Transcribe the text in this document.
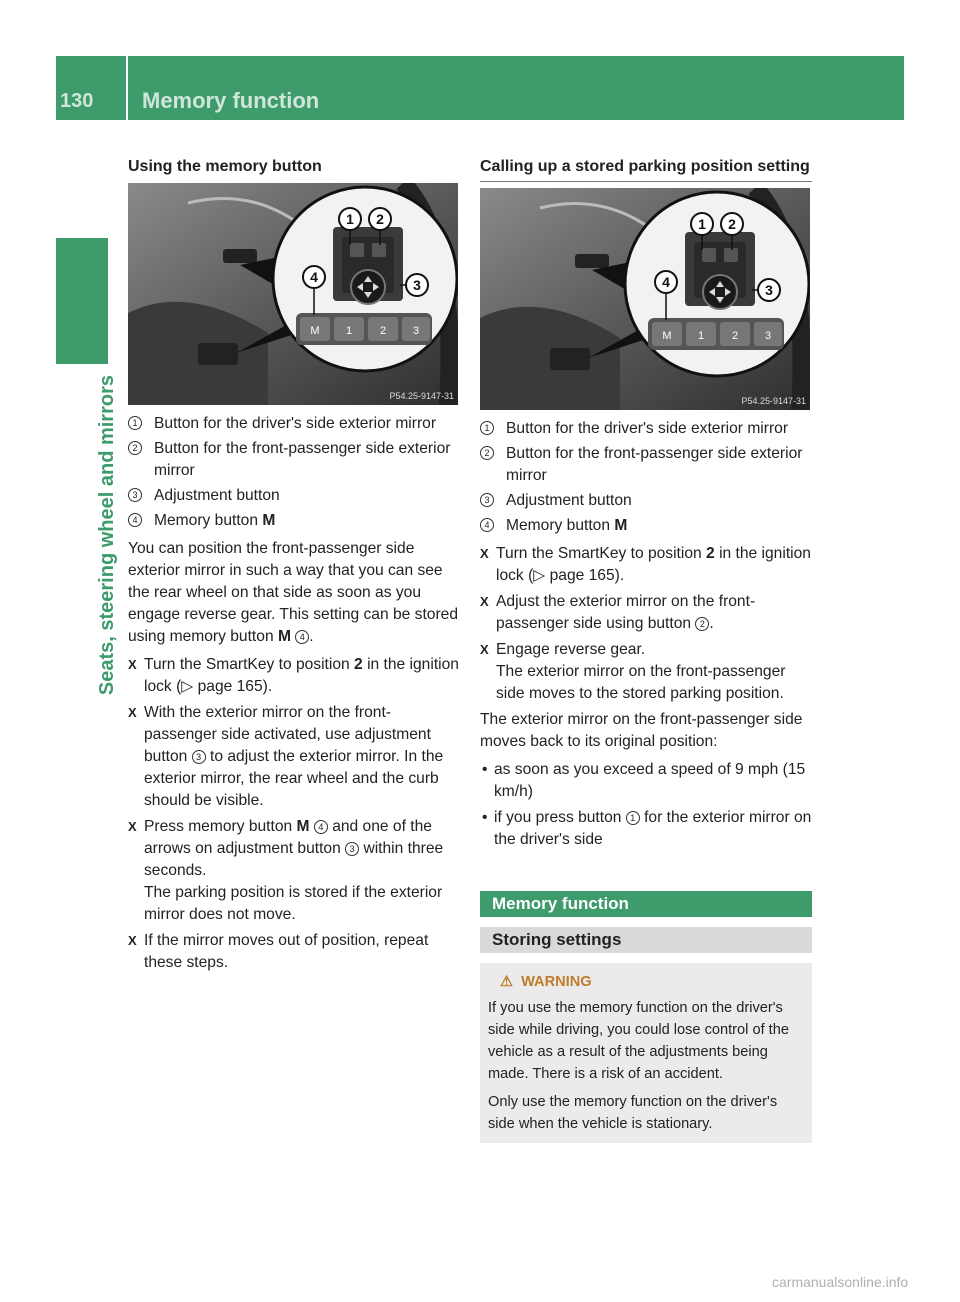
130 Memory function
Seats, steering wheel and mirrors

Using the memory button

M 1	2 3
1 2
3
4
P54.25-9147-31
1 Button for the driver's side exterior mirror
2 Button for the front-passenger side exterior mirror
3 Adjustment button
4 Memory button M

You can position the front-passenger side exterior mirror in such a way that you can see the rear wheel on that side as soon as you engage reverse gear. This setting can be stored using memory button M 4 .

X Turn the SmartKey to position 2 in the ignition lock (▷ page 165).
X With the exterior mirror on the front-passenger side activated, use adjustment button 3 to adjust the exterior mirror. In the exterior mirror, the rear wheel and the curb should be visible.
X Press memory button M 4 and one of the arrows on adjustment button 3 within three seconds.
The parking position is stored if the exterior mirror does not move.
X If the mirror moves out of position, repeat these steps.

Calling up a stored parking position setting

M 1	2 3
1 2
3
4
P54.25-9147-31
1 Button for the driver's side exterior mirror
2 Button for the front-passenger side exterior mirror
3 Adjustment button
4 Memory button M
X Turn the SmartKey to position 2 in the ignition lock (▷ page 165).
X Adjust the exterior mirror on the front-passenger side using button 2 .
X Engage reverse gear.
The exterior mirror on the front-passenger side moves to the stored parking position.

The exterior mirror on the front-passenger side moves back to its original position:

• as soon as you exceed a speed of 9 mph (15 km/h)
• if you press button 1 for the exterior mirror on the driver's side
Memory function
Storing settings
⚠ WARNING

If you use the memory function on the driver's side while driving, you could lose control of the vehicle as a result of the adjustments being made. There is a risk of an accident.

Only use the memory function on the driver's side when the vehicle is stationary.

carmanualsonline.info
